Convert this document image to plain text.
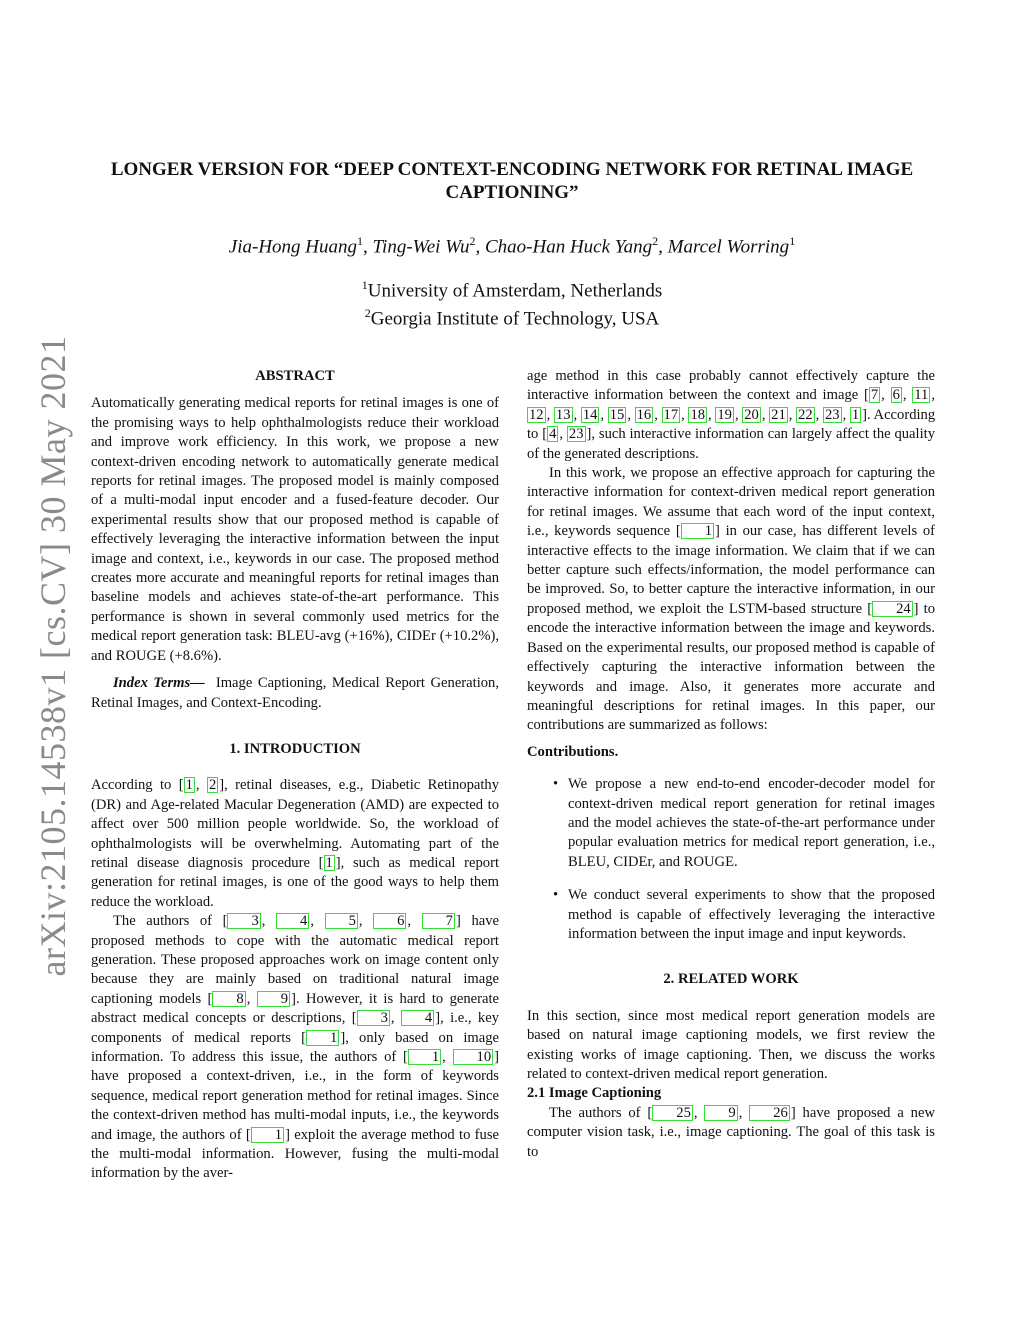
arXiv:2105.14538v1 [cs.CV] 30 May 2021
LONGER VERSION FOR “DEEP CONTEXT-ENCODING NETWORK FOR RETINAL IMAGE CAPTIONING”
Jia-Hong Huang$^1$, Ting-Wei Wu$^2$, Chao-Han Huck Yang$^2$, Marcel Worring$^1$
$^1$University of Amsterdam, Netherlands
$^2$Georgia Institute of Technology, USA

ABSTRACT

Automatically generating medical reports for retinal images is one of the promising ways to help ophthalmologists reduce their workload and improve work efficiency. In this work, we propose a new context-driven encoding network to automatically generate medical reports for retinal images. The proposed model is mainly composed of a multi-modal input encoder and a fused-feature decoder. Our experimental results show that our proposed method is capable of effectively leveraging the interactive information between the input image and context, i.e., keywords in our case. The proposed method creates more accurate and meaningful reports for retinal images than baseline models and achieves state-of-the-art performance. This performance is shown in several commonly used metrics for the medical report generation task: BLEU-avg (+16%), CIDEr (+10.2%), and ROUGE (+8.6%).

Index Terms— Image Captioning, Medical Report Generation, Retinal Images, and Context-Encoding.

1. INTRODUCTION

According to [ 1 , 2 ], retinal diseases, e.g., Diabetic Retinopathy (DR) and Age-related Macular Degeneration (AMD) are expected to affect over 500 million people worldwide. So, the workload of ophthalmologists will be overwhelming. Automating part of the retinal disease diagnosis procedure [ 1 ], such as medical report generation for retinal images, is one of the good ways to help them reduce the workload.

The authors of [ 3 , 4 , 5 , 6 , 7 ] have proposed methods to cope with the automatic medical report generation. These proposed approaches work on image content only because they are mainly based on traditional natural image captioning models [ 8 , 9 ]. However, it is hard to generate abstract medical concepts or descriptions, [ 3 , 4 ], i.e., key components of medical reports [ 1 ], only based on image information. To address this issue, the authors of [ 1 , 10 ] have proposed a context-driven, i.e., in the form of keywords sequence, medical report generation method for retinal images. Since the context-driven method has multi-modal inputs, i.e., the keywords and image, the authors of [ 1 ] exploit the average method to fuse the multi-modal information. However, fusing the multi-modal information by the aver-

age method in this case probably cannot effectively capture the interactive information between the context and image [ 7 , 6 , 11 , 12 , 13 , 14 , 15 , 16 , 17 , 18 , 19 , 20 , 21 , 22 , 23 , 1 ]. According to [ 4 , 23 ], such interactive information can largely affect the quality of the generated descriptions.

In this work, we propose an effective approach for capturing the interactive information for context-driven medical report generation for retinal images. We assume that each word of the input context, i.e., keywords sequence [ 1 ] in our case, has different levels of interactive effects to the image information. We claim that if we can better capture such effects/information, the model performance can be improved. So, to better capture the interactive information, in our proposed method, we exploit the LSTM-based structure [ 24 ] to encode the interactive information between the image and keywords. Based on the experimental results, our proposed method is capable of effectively capturing the interactive information between the keywords and image. Also, it generates more accurate and meaningful descriptions for retinal images. In this paper, our contributions are summarized as follows:

Contributions.

• We propose a new end-to-end encoder-decoder model for context-driven medical report generation for retinal images and the model achieves the state-of-the-art performance under popular evaluation metrics for medical report generation, i.e., BLEU, CIDEr, and ROUGE.
• We conduct several experiments to show that the proposed method is capable of effectively leveraging the interactive information between the input image and input keywords.

2. RELATED WORK

In this section, since most medical report generation models are based on natural image captioning models, we first review the existing works of image captioning. Then, we discuss the works related to context-driven medical report generation.

2.1 Image Captioning

The authors of [ 25 , 9 , 26 ] have proposed a new computer vision task, i.e., image captioning. The goal of this task is to
